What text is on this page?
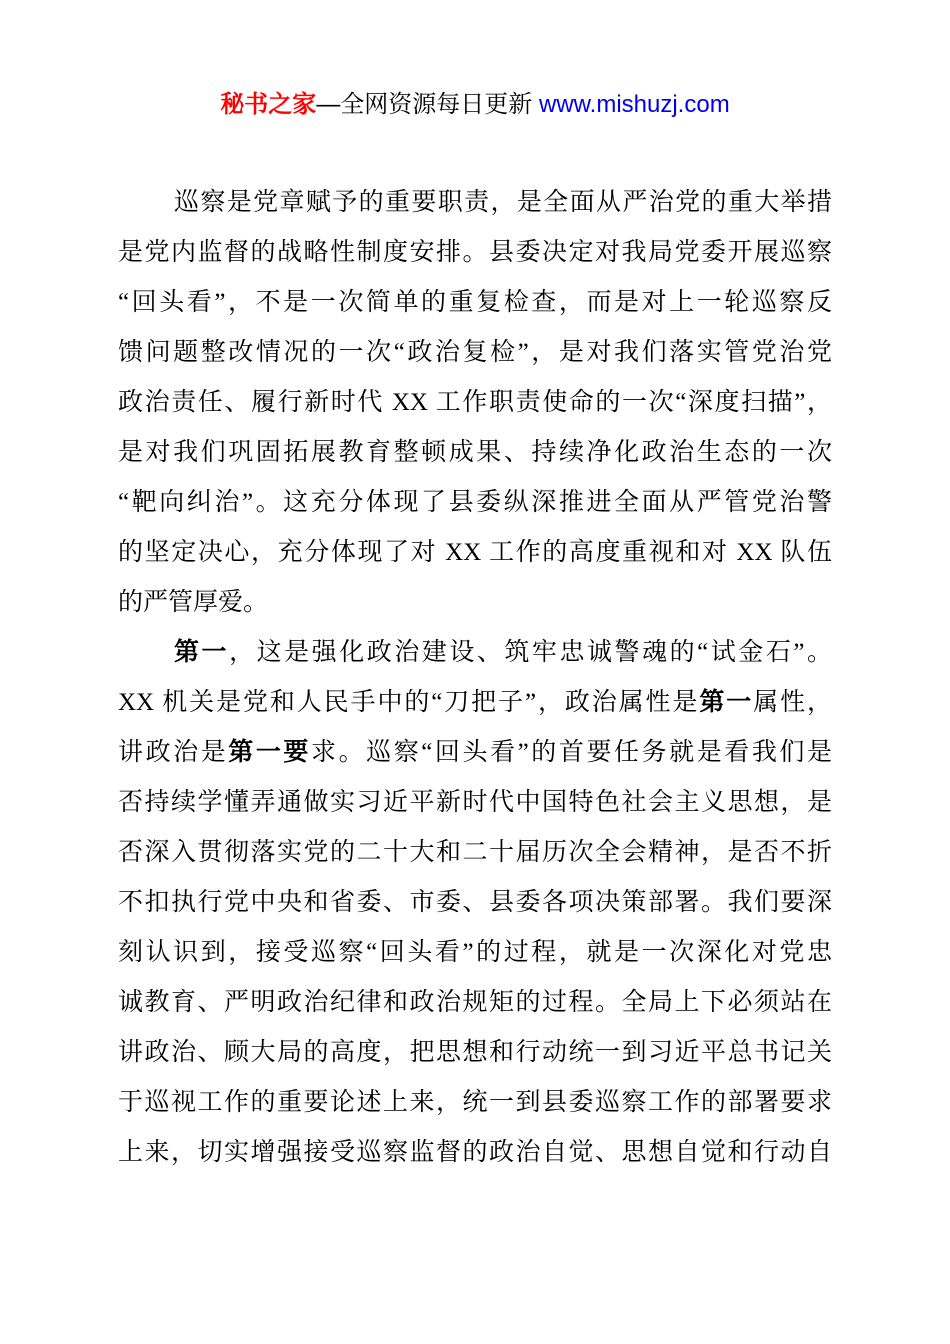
秘书之家—全网资源每日更新 www.mishuzj.com
巡察是党章赋予的重要职责，是全面从严治党的重大举措
是党内监督的战略性制度安排。县委决定对我局党委开展巡察
“回头看”，不是一次简单的重复检查，而是对上一轮巡察反
馈问题整改情况的一次“政治复检”，是对我们落实管党治党
政治责任、履行新时代 XX 工作职责使命的一次“深度扫描”，
是对我们巩固拓展教育整顿成果、持续净化政治生态的一次
“靶向纠治”。这充分体现了县委纵深推进全面从严管党治警
的坚定决心，充分体现了对 XX 工作的高度重视和对 XX 队伍
的严管厚爱。
第一，这是强化政治建设、筑牢忠诚警魂的“试金石”。
XX 机关是党和人民手中的“刀把子”，政治属性是第一属性，
讲政治是第一要求。巡察“回头看”的首要任务就是看我们是
否持续学懂弄通做实习近平新时代中国特色社会主义思想，是
否深入贯彻落实党的二十大和二十届历次全会精神，是否不折
不扣执行党中央和省委、市委、县委各项决策部署。我们要深
刻认识到，接受巡察“回头看”的过程，就是一次深化对党忠
诚教育、严明政治纪律和政治规矩的过程。全局上下必须站在
讲政治、顾大局的高度，把思想和行动统一到习近平总书记关
于巡视工作的重要论述上来，统一到县委巡察工作的部署要求
上来，切实增强接受巡察监督的政治自觉、思想自觉和行动自
